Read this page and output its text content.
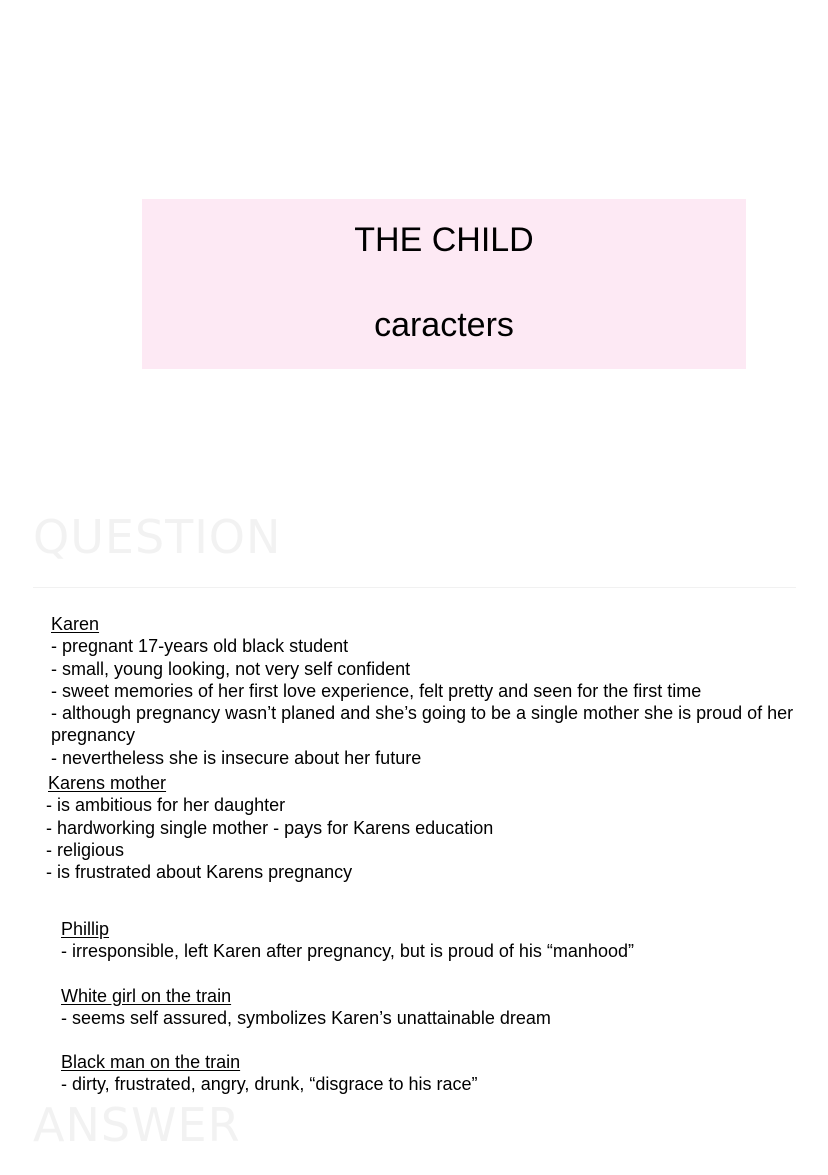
THE CHILD
caracters
QUESTION
Karen
- pregnant 17-years old black student
- small, young looking, not very self confident
- sweet memories of her first love experience, felt pretty and seen for the first time
- although pregnancy wasn’t planed and she’s going to be a single mother she is proud of her pregnancy
- nevertheless she is insecure about her future
Karens mother
- is ambitious for her daughter
- hardworking single mother - pays for Karens education
- religious
- is frustrated about Karens pregnancy
Phillip
- irresponsible, left Karen after pregnancy, but is proud of his “manhood”
White girl on the train
- seems self assured, symbolizes Karen’s unattainable dream
Black man on the train
- dirty, frustrated, angry, drunk, “disgrace to his race”
ANSWER
